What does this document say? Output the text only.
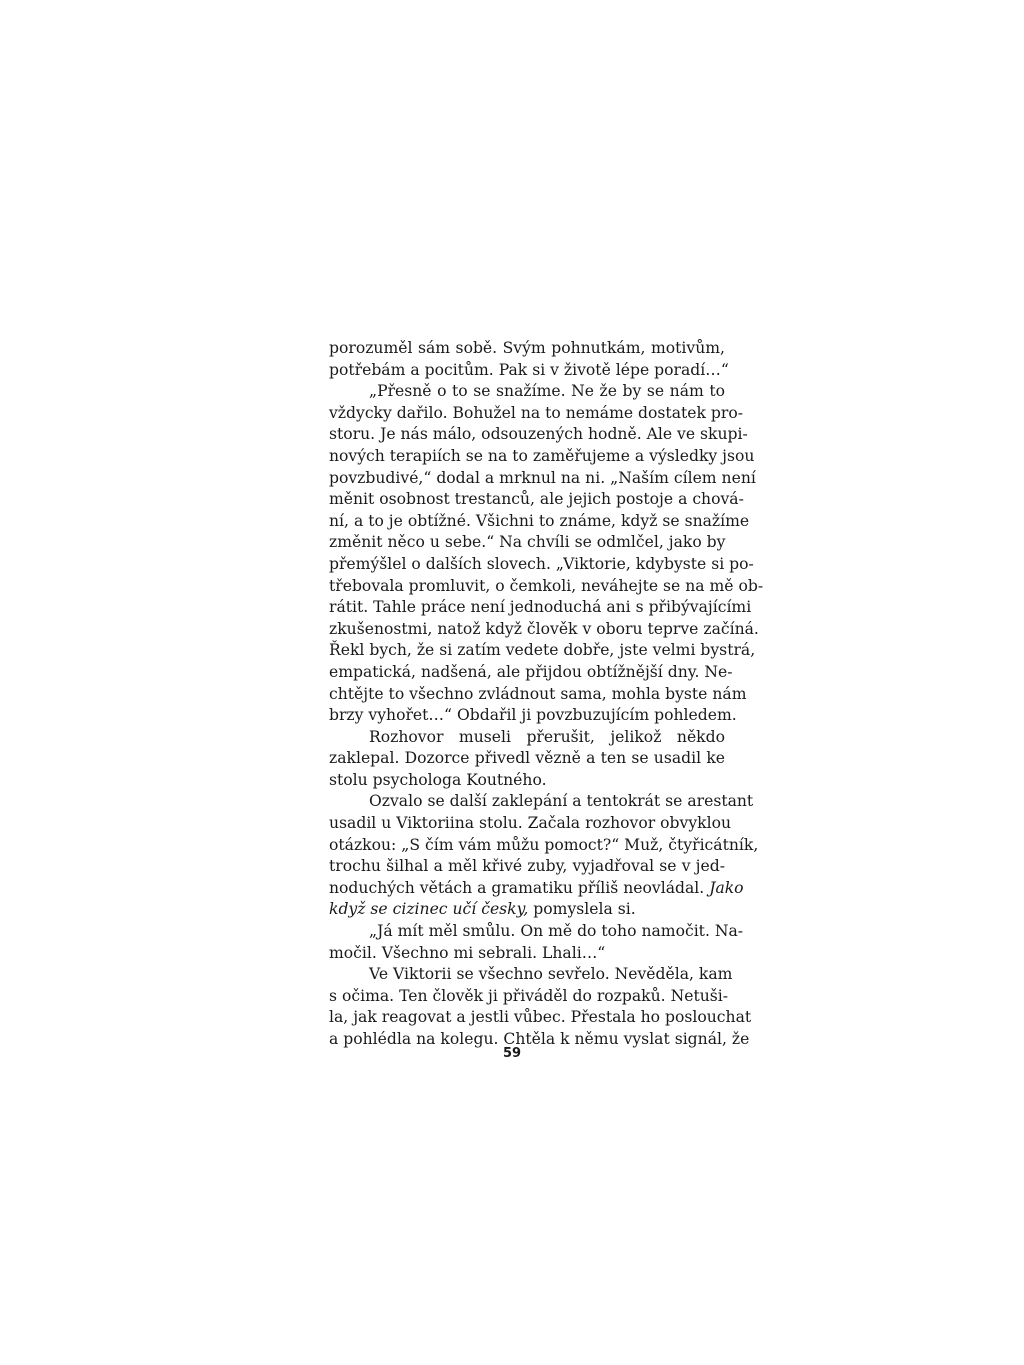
porozuměl sám sobě. Svým pohnutkám, motivům,
potřebám a pocitům. Pak si v životě lépe poradí…“
„Přesně o to se snažíme. Ne že by se nám to
vždycky dařilo. Bohužel na to nemáme dostatek pro-
storu. Je nás málo, odsouzených hodně. Ale ve skupi-
nových terapiích se na to zaměřujeme a výsledky jsou
povzbudivé,“ dodal a mrknul na ni. „Naším cílem není
měnit osobnost trestanců, ale jejich postoje a chová-
ní, a to je obtížné. Všichni to známe, když se snažíme
změnit něco u sebe.“ Na chvíli se odmlčel, jako by
přemýšlel o dalších slovech. „Viktorie, kdybyste si po-
třebovala promluvit, o čemkoli, neváhejte se na mě ob-
rátit. Tahle práce není jednoduchá ani s přibývajícími
zkušenostmi, natož když člověk v oboru teprve začíná.
Řekl bych, že si zatím vedete dobře, jste velmi bystrá,
empatická, nadšená, ale přijdou obtížnější dny. Ne-
chtějte to všechno zvládnout sama, mohla byste nám
brzy vyhořet…“ Obdařil ji povzbuzujícím pohledem.
Rozhovor museli přerušit, jelikož někdo
zaklepal. Dozorce přivedl vězně a ten se usadil ke
stolu psychologa Koutného.
Ozvalo se další zaklepání a tentokrát se arestant
usadil u Viktoriina stolu. Začala rozhovor obvyklou
otázkou: „S čím vám můžu pomoct?“ Muž, čtyřicátník,
trochu šilhal a měl křivé zuby, vyjadřoval se v jed-
noduchých větách a gramatiku příliš neovládal. Jako
když se cizinec učí česky, pomyslela si.
„Já mít měl smůlu. On mě do toho namočit. Na-
močil. Všechno mi sebrali. Lhali…“
Ve Viktorii se všechno sevřelo. Nevěděla, kam
s očima. Ten člověk ji přiváděl do rozpaků. Netuši-
la, jak reagovat a jestli vůbec. Přestala ho poslouchat
a pohlédla na kolegu. Chtěla k němu vyslat signál, že
59
